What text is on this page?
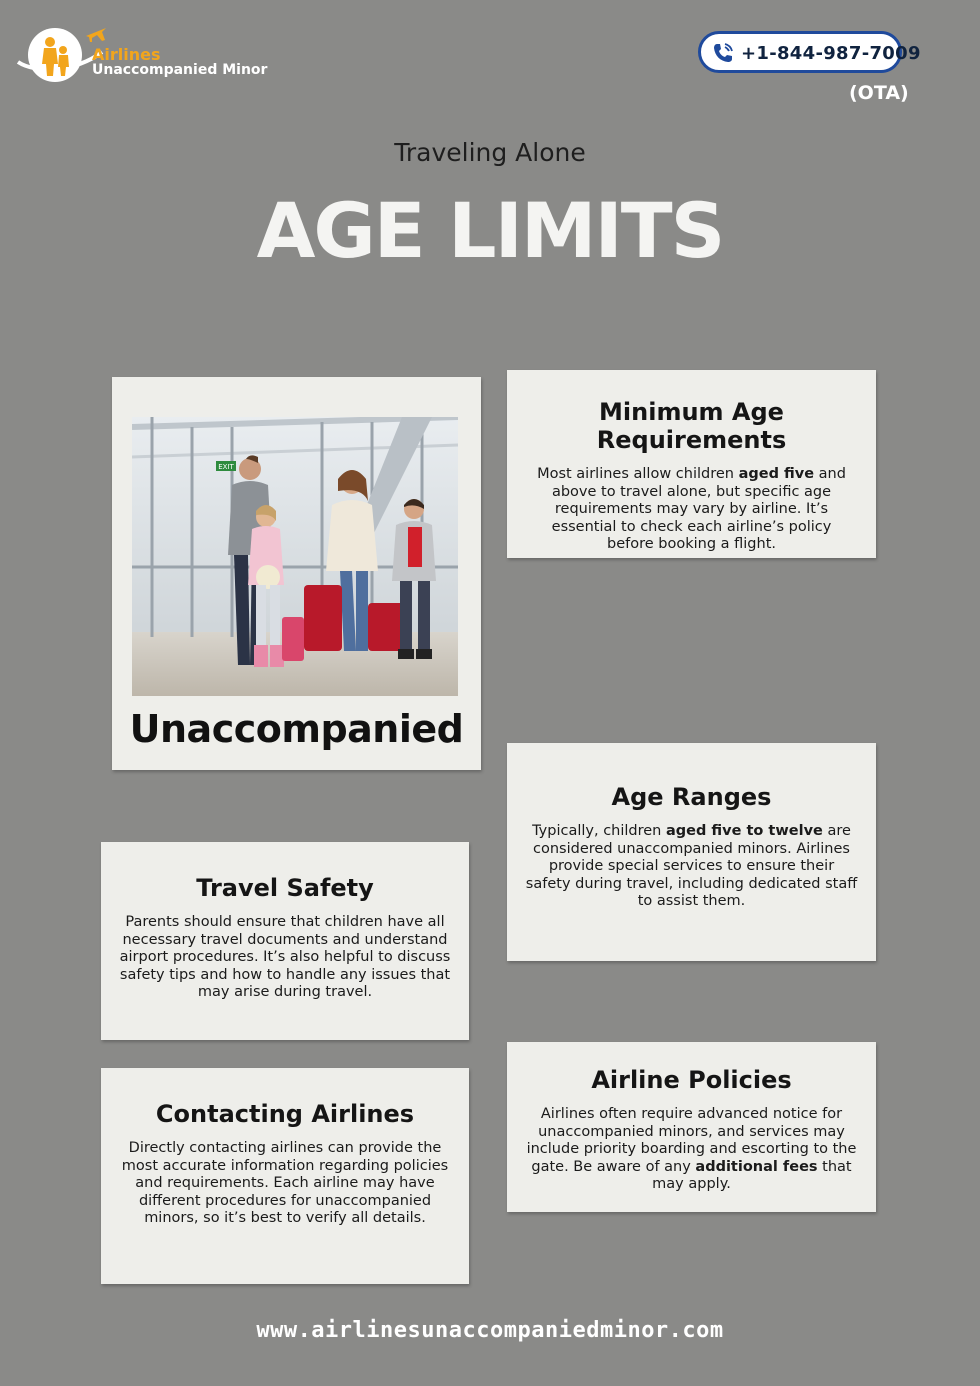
Airlines
Unaccompanied Minor
+1-844-987-7009
(OTA)
Traveling Alone
AGE LIMITS
EXIT
Unaccompanied
Minimum Age Requirements

Most airlines allow children aged five and above to travel alone, but specific age requirements may vary by airline. It’s essential to check each airline’s policy before booking a flight.

Age Ranges

Typically, children aged five to twelve are considered unaccompanied minors. Airlines provide special services to ensure their safety during travel, including dedicated staff to assist them.

Travel Safety

Parents should ensure that children have all necessary travel documents and understand airport procedures. It’s also helpful to discuss safety tips and how to handle any issues that may arise during travel.

Airline Policies

Airlines often require advanced notice for unaccompanied minors, and services may include priority boarding and escorting to the gate. Be aware of any additional fees that may apply.

Contacting Airlines

Directly contacting airlines can provide the most accurate information regarding policies and requirements. Each airline may have different procedures for unaccompanied minors, so it’s best to verify all details.

www.airlinesunaccompaniedminor.com
